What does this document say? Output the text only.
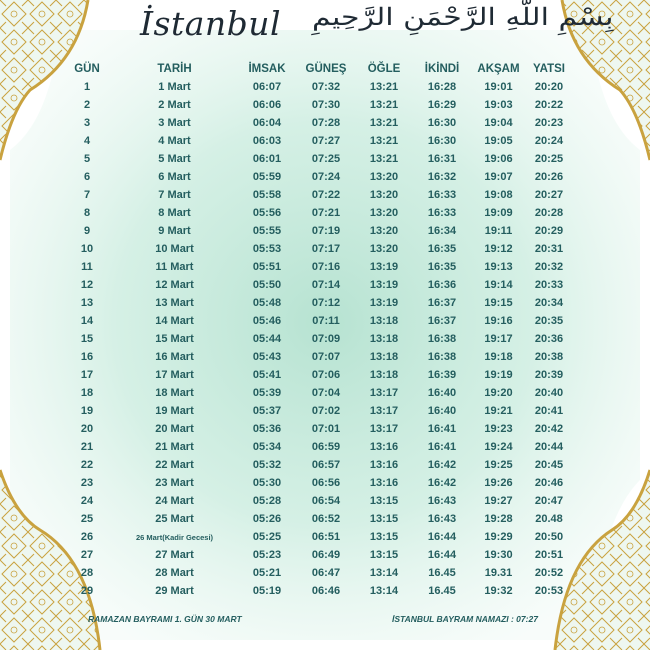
İstanbul بِسْمِ اللَّهِ الرَّحْمَنِ الرَّحِيمِ
GÜN	TARİH	İMSAK	GÜNEŞ	ÖĞLE	İKİNDİ	AKŞAM	YATSI
1	1 Mart	06:07	07:32	13:21	16:28	19:01	20:20
2	2 Mart	06:06	07:30	13:21	16:29	19:03	20:22
3	3 Mart	06:04	07:28	13:21	16:30	19:04	20:23
4	4 Mart	06:03	07:27	13:21	16:30	19:05	20:24
5	5 Mart	06:01	07:25	13:21	16:31	19:06	20:25
6	6 Mart	05:59	07:24	13:20	16:32	19:07	20:26
7	7 Mart	05:58	07:22	13:20	16:33	19:08	20:27
8	8 Mart	05:56	07:21	13:20	16:33	19:09	20:28
9	9 Mart	05:55	07:19	13:20	16:34	19:11	20:29
10	10 Mart	05:53	07:17	13:20	16:35	19:12	20:31
11	11 Mart	05:51	07:16	13:19	16:35	19:13	20:32
12	12 Mart	05:50	07:14	13:19	16:36	19:14	20:33
13	13 Mart	05:48	07:12	13:19	16:37	19:15	20:34
14	14 Mart	05:46	07:11	13:18	16:37	19:16	20:35
15	15 Mart	05:44	07:09	13:18	16:38	19:17	20:36
16	16 Mart	05:43	07:07	13:18	16:38	19:18	20:38
17	17 Mart	05:41	07:06	13:18	16:39	19:19	20:39
18	18 Mart	05:39	07:04	13:17	16:40	19:20	20:40
19	19 Mart	05:37	07:02	13:17	16:40	19:21	20:41
20	20 Mart	05:36	07:01	13:17	16:41	19:23	20:42
21	21 Mart	05:34	06:59	13:16	16:41	19:24	20:44
22	22 Mart	05:32	06:57	13:16	16:42	19:25	20:45
23	23 Mart	05:30	06:56	13:16	16:42	19:26	20:46
24	24 Mart	05:28	06:54	13:15	16:43	19:27	20:47
25	25 Mart	05:26	06:52	13:15	16:43	19:28	20.48
26	26 Mart(Kadir Gecesi)	05:25	06:51	13:15	16:44	19:29	20:50
27	27 Mart	05:23	06:49	13:15	16:44	19:30	20:51
28	28 Mart	05:21	06:47	13:14	16.45	19.31	20:52
29	29 Mart	05:19	06:46	13:14	16.45	19:32	20:53
RAMAZAN BAYRAMI 1. GÜN 30 MART	İSTANBUL BAYRAM NAMAZI : 07:27
